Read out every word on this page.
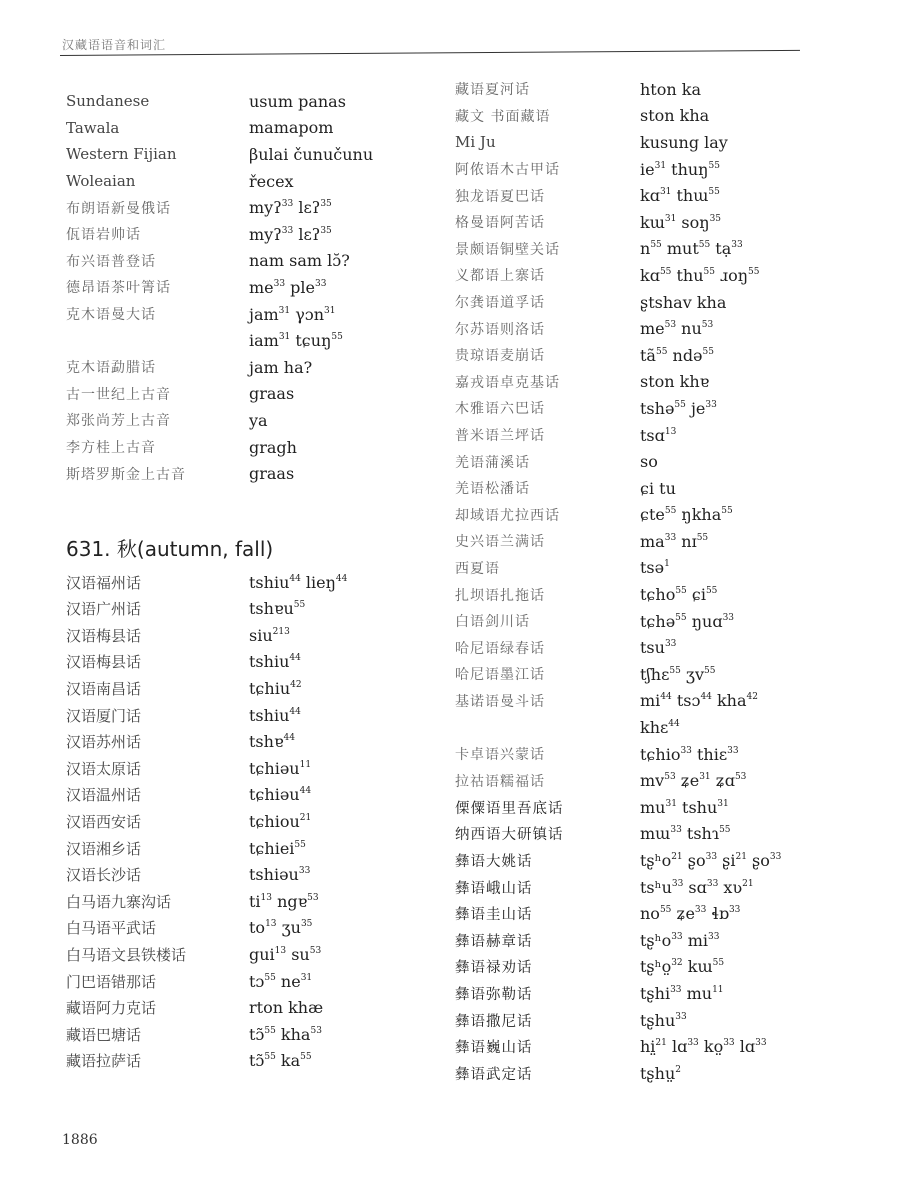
汉藏语语音和词汇
Sundanese	usum panas
Tawala	mamapom
Western Fijian	βulai čunučunu
Woleaian	řecex
布朗语新曼俄话	myʔ$^{33}$ lɛʔ$^{35}$
佤语岩帅话	myʔ$^{33}$ lɛʔ$^{35}$
布兴语普登话	nam sam lɔ̆?
德昂语茶叶箐话	$me^{33}$ ple$^{33}$
克木语曼大话	jam$^{31}$ γɔn$^{31}$
iam$^{31}$ tɕuŋ$^{55}$
克木语勐腊话	jam ha?
古一世纪上古音	graas
郑张尚芳上古音	ya
李方桂上古音	gragh
斯塔罗斯金上古音	graas
631. 秋(autumn, fall)
汉语福州话	tshiu$^{44}$ lieŋ$^{44}$
汉语广州话	tshɐu$^{55}$
汉语梅县话	siu$^{213}$
汉语梅县话	tshiu$^{44}$
汉语南昌话	tɕhiu$^{42}$
汉语厦门话	tshiu$^{44}$
汉语苏州话	tshɐ$^{44}$
汉语太原话	tɕhiəu$^{11}$
汉语温州话	tɕhiəu$^{44}$
汉语西安话	tɕhiou$^{21}$
汉语湘乡话	tɕhiei$^{55}$
汉语长沙话	tshiəu$^{33}$
白马语九寨沟话	$ti^{13}$ ngɐ$^{53}$
白马语平武话	$to^{13}$ ʒu$^{35}$
白马语文县铁楼话	gui$^{13}$ $su^{53}$
门巴语错那话	tɔ$^{55}$ $ne^{31}$
藏语阿力克话	rton khæ
藏语巴塘话	tɔ̃$^{55}$ kha$^{53}$
藏语拉萨话	tɔ̃$^{55}$ $ka^{55}$
藏语夏河话	hton ka
藏文 书面藏语	ston kha
Mi Ju	kusung lay
阿侬语木古甲话	$ie^{31}$ thuŋ$^{55}$
独龙语夏巴话	kɑ$^{31}$ thɯ$^{55}$
格曼语阿苦话	kɯ$^{31}$ soŋ$^{35}$
景颇语铜壁关话	$n^{55}$ mut$^{55}$ tạ$^{33}$
义都语上寨话	kɑ$^{55}$ thu$^{55}$ ɹoŋ$^{55}$
尔龚语道孚话	ʂtshav kha
尔苏语则洛话	$me^{53}$ $nu^{53}$
贵琼语麦崩话	$tã^{55}$ ndə$^{55}$
嘉戎语卓克基话	ston khɐ
木雅语六巴话	tshə$^{55}$ $je^{33}$
普米语兰坪话	tsɑ$^{13}$
羌语蒲溪话	so
羌语松潘话	ɕi tu
却域语尤拉西话	ɕte$^{55}$ ŋkha$^{55}$
史兴语兰满话	$ma^{33}$ nɪ$^{55}$
西夏语	tsə$^1$
扎坝语扎拖话	tɕho$^{55}$ ɕi$^{55}$
白语剑川话	tɕhə$^{55}$ ŋuɑ$^{33}$
哈尼语绿春话	tsu$^{33}$
哈尼语墨江话	tʃhɛ$^{55}$ ʒv$^{55}$
基诺语曼斗话	$mi^{44}$ tsɔ$^{44}$ kha$^{42}$
khɛ$^{44}$
卡卓语兴蒙话	tɕhio$^{33}$ thiɛ$^{33}$
拉祜语糯福话	$mv^{53}$ ʑe$^{31}$ ʑɑ$^{53}$
傈僳语里吾底话	$mu^{31}$ tshu$^{31}$
纳西语大研镇话	mɯ$^{33}$ tshɿ$^{55}$
彝语大姚话	tʂʰo$^{21}$ ʂo$^{33}$ ʂi$^{21}$ ʂo$^{33}$
彝语峨山话	tsʰu$^{33}$ sɑ$^{33}$ xʋ$^{21}$
彝语圭山话	$no^{55}$ ʑe$^{33}$ ɬɒ$^{33}$
彝语赫章话	tʂʰo$^{33}$ $mi^{33}$
彝语禄劝话	tʂʰo̤$^{32}$ kɯ$^{55}$
彝语弥勒话	tʂhi$^{33}$ $mu^{11}$
彝语撒尼话	tʂhu$^{33}$
彝语巍山话	hi̤$^{21}$ lɑ$^{33}$ ko̤$^{33}$ lɑ$^{33}$
彝语武定话	tʂhṳ$^2$
1886
